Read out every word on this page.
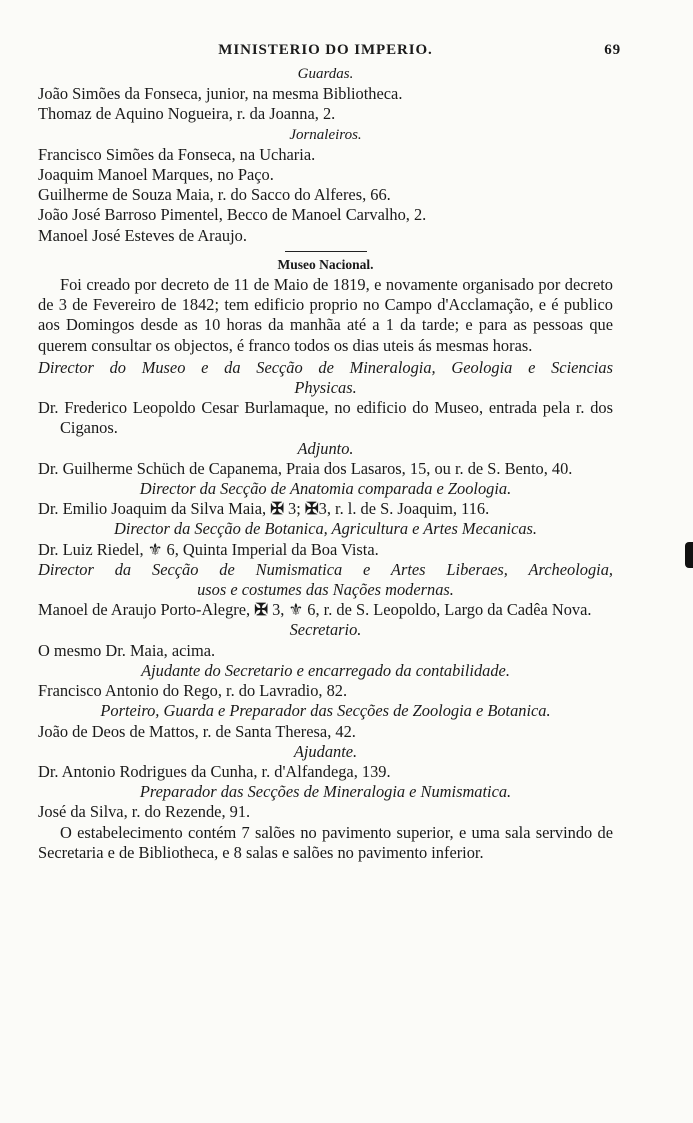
MINISTERIO DO IMPERIO.	69
Guardas.
João Simões da Fonseca, junior, na mesma Bibliotheca.
Thomaz de Aquino Nogueira, r. da Joanna, 2.
Jornaleiros.
Francisco Simões da Fonseca, na Ucharia.
Joaquim Manoel Marques, no Paço.
Guilherme de Souza Maia, r. do Sacco do Alferes, 66.
João José Barroso Pimentel, Becco de Manoel Carvalho, 2.
Manoel José Esteves de Araujo.
Museo Nacional.
Foi creado por decreto de 11 de Maio de 1819, e novamente organisado por decreto de 3 de Fevereiro de 1842; tem edificio proprio no Campo d'Acclamação, e é publico aos Domingos desde as 10 horas da manhãa até a 1 da tarde; e para as pessoas que querem consultar os objectos, é franco todos os dias uteis ás mesmas horas.
Director do Museo e da Secção de Mineralogia, Geologia e Sciencias
Physicas.
Dr. Frederico Leopoldo Cesar Burlamaque, no edificio do Museo, entrada pela r. dos Ciganos.
Adjunto.
Dr. Guilherme Schüch de Capanema, Praia dos Lasaros, 15, ou r. de S. Bento, 40.
Director da Secção de Anatomia comparada e Zoologia.
Dr. Emilio Joaquim da Silva Maia, ✠ 3; ✠3, r. l. de S. Joaquim, 116.
Director da Secção de Botanica, Agricultura e Artes Mecanicas.
Dr. Luiz Riedel, ⚜ 6, Quinta Imperial da Boa Vista.
Director da Secção de Numismatica e Artes Liberaes, Archeologia,
usos e costumes das Nações modernas.
Manoel de Araujo Porto-Alegre, ✠ 3, ⚜ 6, r. de S. Leopoldo, Largo da Cadêa Nova.
Secretario.
O mesmo Dr. Maia, acima.
Ajudante do Secretario e encarregado da contabilidade.
Francisco Antonio do Rego, r. do Lavradio, 82.
Porteiro, Guarda e Preparador das Secções de Zoologia e Botanica.
João de Deos de Mattos, r. de Santa Theresa, 42.
Ajudante.
Dr. Antonio Rodrigues da Cunha, r. d'Alfandega, 139.
Preparador das Secções de Mineralogia e Numismatica.
José da Silva, r. do Rezende, 91.
O estabelecimento contém 7 salões no pavimento superior, e uma sala servindo de Secretaria e de Bibliotheca, e 8 salas e salões no pavimento inferior.
